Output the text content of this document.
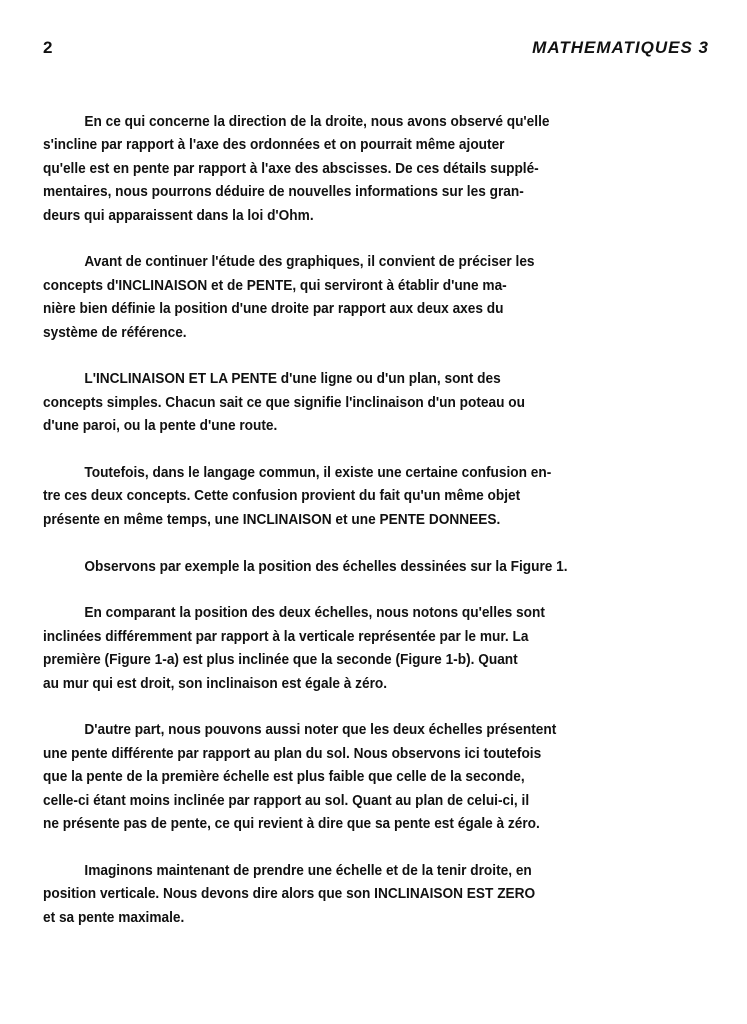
2	MATHEMATIQUES 3
En ce qui concerne la direction de la droite, nous avons observé qu'elle
s'incline par rapport à l'axe des ordonnées et on pourrait même ajouter
qu'elle est en pente par rapport à l'axe des abscisses. De ces détails supplé-
mentaires, nous pourrons déduire de nouvelles informations sur les gran-
deurs qui apparaissent dans la loi d'Ohm.
Avant de continuer l'étude des graphiques, il convient de préciser les
concepts d'INCLINAISON et de PENTE, qui serviront à établir d'une ma-
nière bien définie la position d'une droite par rapport aux deux axes du
système de référence.
L'INCLINAISON ET LA PENTE d'une ligne ou d'un plan, sont des
concepts simples. Chacun sait ce que signifie l'inclinaison d'un poteau ou
d'une paroi, ou la pente d'une route.
Toutefois, dans le langage commun, il existe une certaine confusion en-
tre ces deux concepts. Cette confusion provient du fait qu'un même objet
présente en même temps, une INCLINAISON et une PENTE DONNEES.
Observons par exemple la position des échelles dessinées sur la Figure 1.
En comparant la position des deux échelles, nous notons qu'elles sont
inclinées différemment par rapport à la verticale représentée par le mur. La
première (Figure 1-a) est plus inclinée que la seconde (Figure 1-b). Quant
au mur qui est droit, son inclinaison est égale à zéro.
D'autre part, nous pouvons aussi noter que les deux échelles présentent
une pente différente par rapport au plan du sol. Nous observons ici toutefois
que la pente de la première échelle est plus faible que celle de la seconde,
celle-ci étant moins inclinée par rapport au sol. Quant au plan de celui-ci, il
ne présente pas de pente, ce qui revient à dire que sa pente est égale à zéro.
Imaginons maintenant de prendre une échelle et de la tenir droite, en
position verticale. Nous devons dire alors que son INCLINAISON EST ZERO
et sa pente maximale.
